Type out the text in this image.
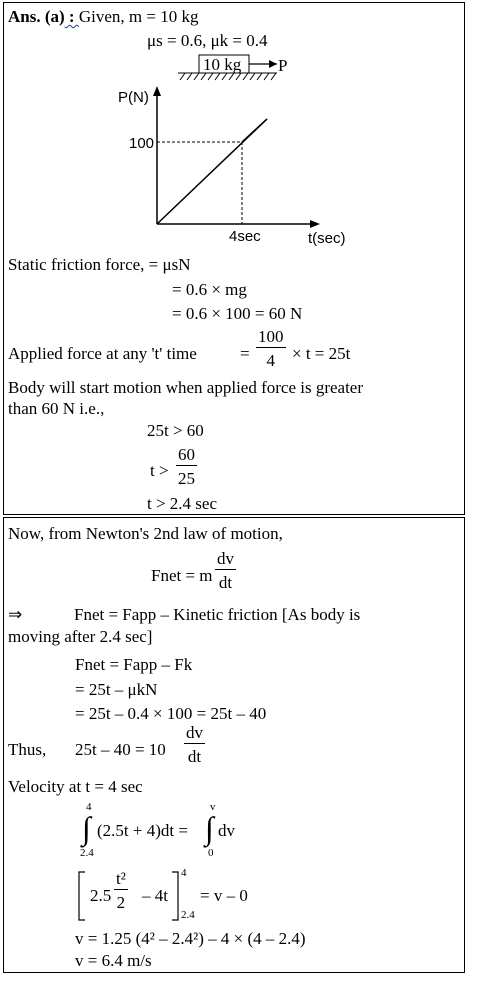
Ans. (a) : Given, m = 10 kg
μs = 0.6, μk = 0.4
10 kg P
P(N)
100
4sec	t(sec)
Static friction force, = μsN
= 0.6 × mg
= 0.6 × 100 = 60 N
Applied force at any 't' time	= $\frac{100}{4} \times t = 25t$
Body will start motion when applied force is greater
than 60 N i.e.,
25t > 60
$t > \frac{60}{25}$
t > 2.4 sec
Now, from Newton's 2nd law of motion,
Fnet = m $\frac{dv}{dt}$
⇒	Fnet = Fapp – Kinetic friction [As body is
moving after 2.4 sec]
Fnet = Fapp – Fk
= 25t – μkN
= 25t – 0.4 × 100 = 25t – 40
Thus, $25t - 40 = 10 \frac{dv}{dt}$
Velocity at t = 4 sec
4
∫
2.4
(2.5t + 4)dt =
v
∫
0
dv
$2.5 \frac{\text{t²}}{2} - 4t$
4
2.4
= v – 0
v = 1.25 (4² – 2.4²) – 4 × (4 – 2.4)
v = 6.4 m/s
